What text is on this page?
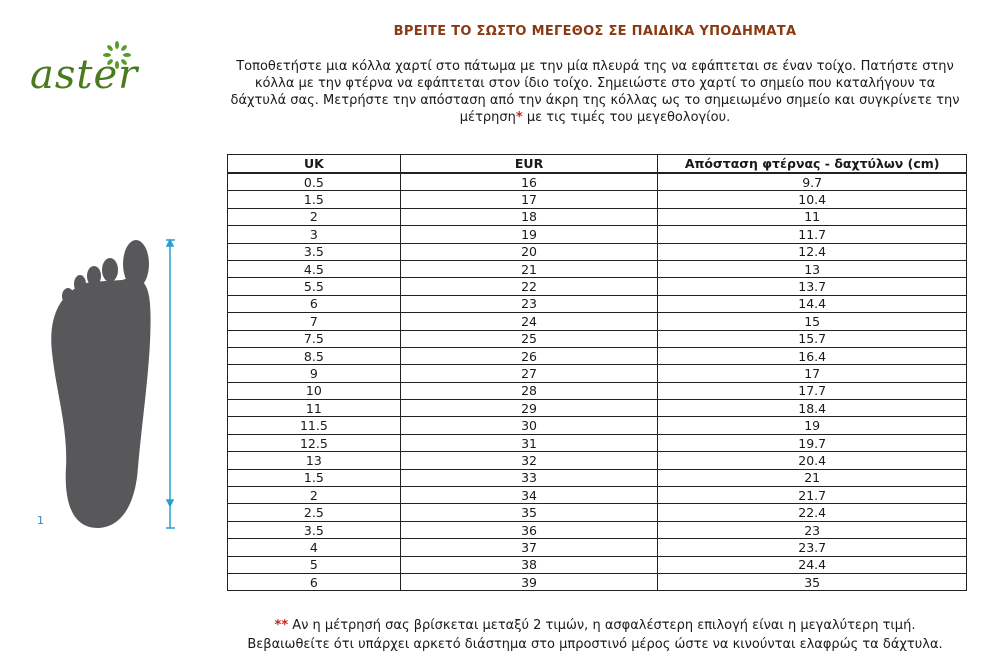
aster
ΒΡΕΙΤΕ ΤΟ ΣΩΣΤΟ ΜΕΓΕΘΟΣ ΣΕ ΠΑΙΔΙΚΑ ΥΠΟΔΗΜΑΤΑ
Τοποθετήστε μια κόλλα χαρτί στο πάτωμα με την μία πλευρά της να εφάπτεται σε έναν τοίχο. Πατήστε στην κόλλα με την φτέρνα να εφάπτεται στον ίδιο τοίχο. Σημειώστε στο χαρτί το σημείο που καταλήγουν τα δάχτυλά σας. Μετρήστε την απόσταση από την άκρη της κόλλας ως το σημειωμένο σημείο και συγκρίνετε την μέτρηση* με τις τιμές του μεγεθολογίου.
1
UK	EUR	Απόσταση φτέρνας - δαχτύλων (cm)
0.5	16	9.7
1.5	17	10.4
2	18	11
3	19	11.7
3.5	20	12.4
4.5	21	13
5.5	22	13.7
6	23	14.4
7	24	15
7.5	25	15.7
8.5	26	16.4
9	27	17
10	28	17.7
11	29	18.4
11.5	30	19
12.5	31	19.7
13	32	20.4
1.5	33	21
2	34	21.7
2.5	35	22.4
3.5	36	23
4	37	23.7
5	38	24.4
6	39	35
** Αν η μέτρησή σας βρίσκεται μεταξύ 2 τιμών, η ασφαλέστερη επιλογή είναι η μεγαλύτερη τιμή.
Βεβαιωθείτε ότι υπάρχει αρκετό διάστημα στο μπροστινό μέρος ώστε να κινούνται ελαφρώς τα δάχτυλα.
